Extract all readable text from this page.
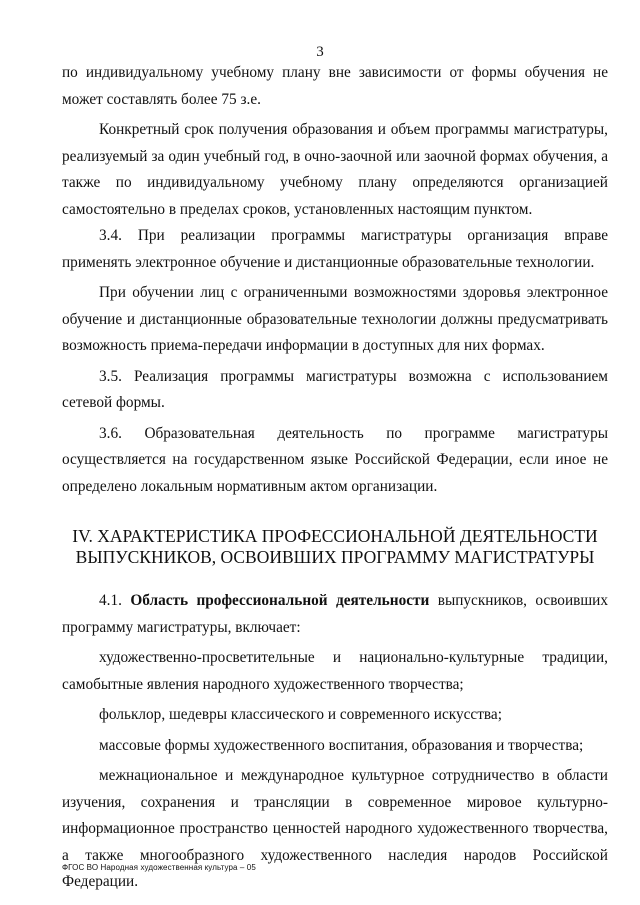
3

по индивидуальному учебному плану вне зависимости от формы обучения не может составлять более 75 з.е.

Конкретный срок получения образования и объем программы магистратуры, реализуемый за один учебный год, в очно-заочной или заочной формах обучения, а также по индивидуальному учебному плану определяются организацией самостоятельно в пределах сроков, установленных настоящим пунктом.

3.4. При реализации программы магистратуры организация вправе применять электронное обучение и дистанционные образовательные технологии.

При обучении лиц с ограниченными возможностями здоровья электронное обучение и дистанционные образовательные технологии должны предусматривать возможность приема-передачи информации в доступных для них формах.

3.5. Реализация программы магистратуры возможна с использованием сетевой формы.

3.6. Образовательная деятельность по программе магистратуры осуществляется на государственном языке Российской Федерации, если иное не определено локальным нормативным актом организации.

IV. ХАРАКТЕРИСТИКА ПРОФЕССИОНАЛЬНОЙ ДЕЯТЕЛЬНОСТИ
ВЫПУСКНИКОВ, ОСВОИВШИХ ПРОГРАММУ МАГИСТРАТУРЫ

4.1. Область профессиональной деятельности выпускников, освоивших программу магистратуры, включает:

художественно-просветительные и национально-культурные традиции, самобытные явления народного художественного творчества;

фольклор, шедевры классического и современного искусства;

массовые формы художественного воспитания, образования и творчества;

межнациональное и международное культурное сотрудничество в области изучения, сохранения и трансляции в современное мировое культурно-информационное пространство ценностей народного художественного творчества, а также многообразного художественного наследия народов Российской Федерации.

ФГОС ВО Народная художественная культура – 05
